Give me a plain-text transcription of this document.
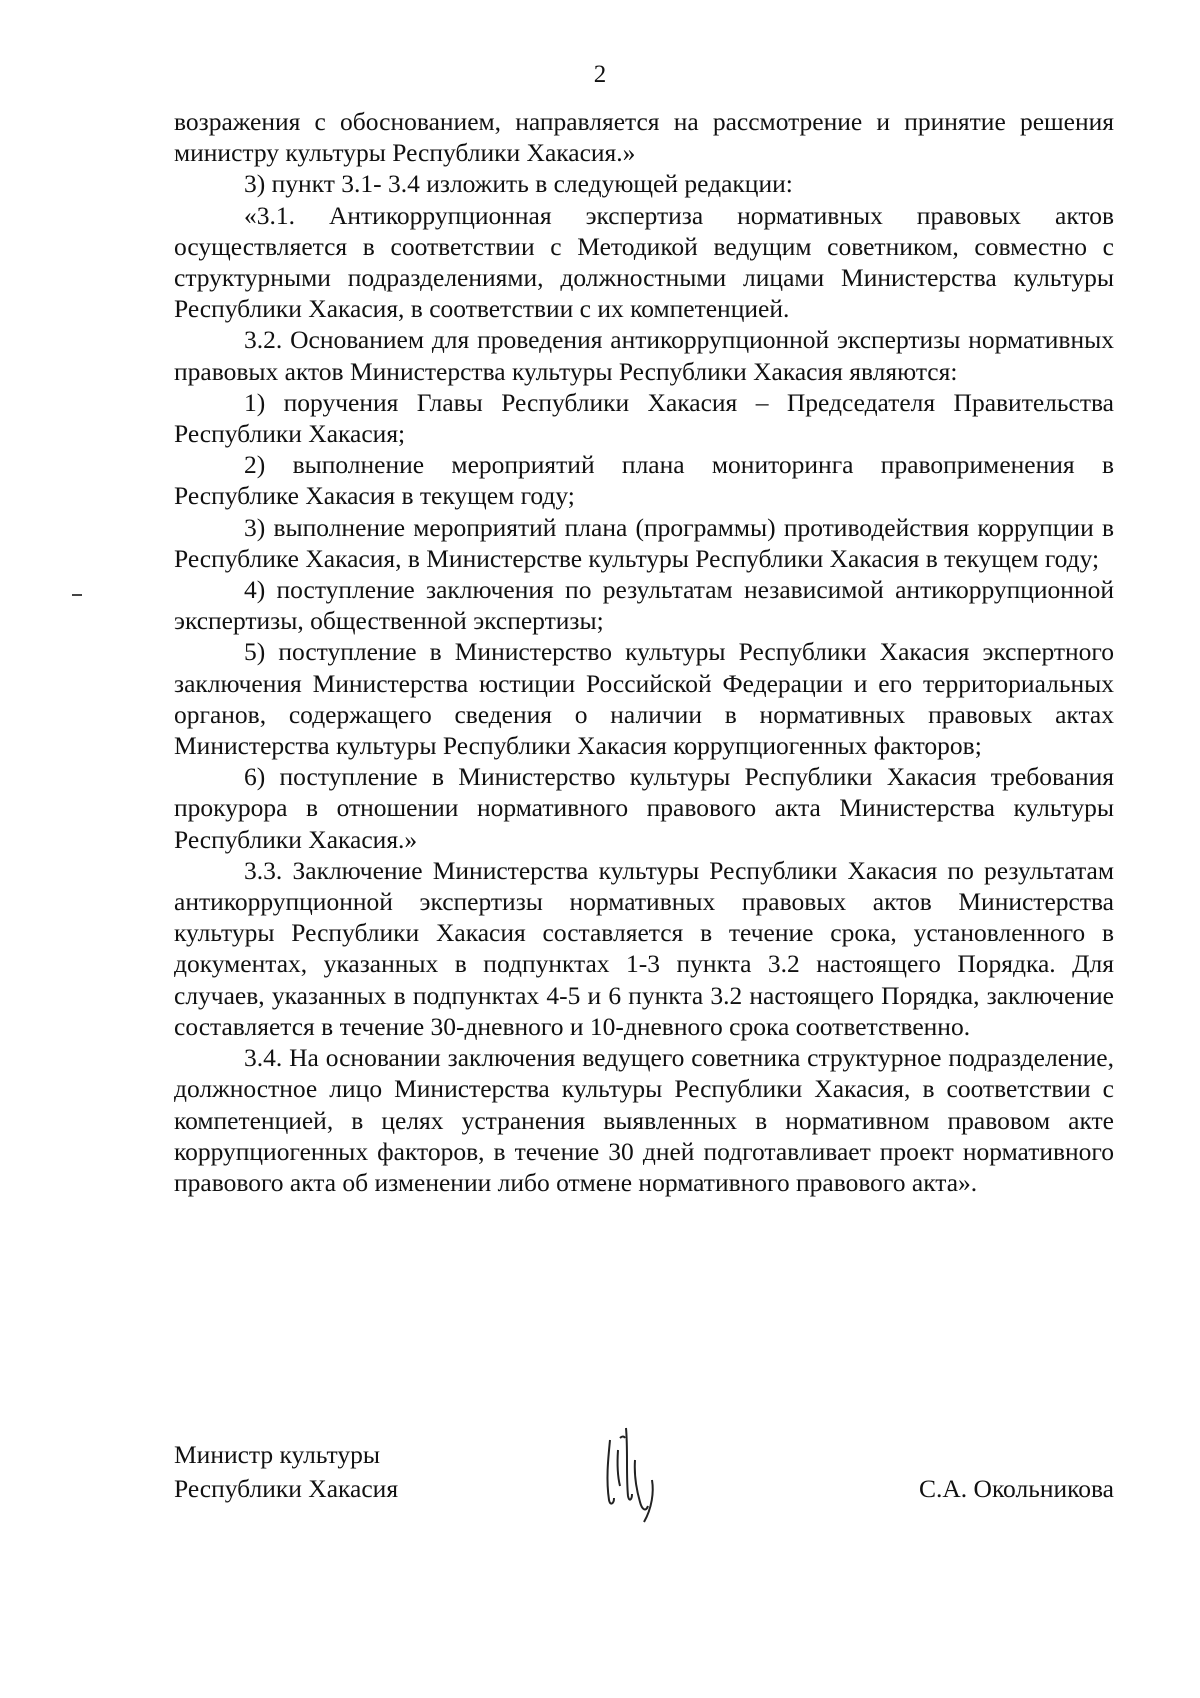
2

возражения с обоснованием, направляется на рассмотрение и принятие решения министру культуры Республики Хакасия.»

3) пункт 3.1- 3.4 изложить в следующей редакции:

«3.1. Антикоррупционная экспертиза нормативных правовых актов осуществляется в соответствии с Методикой ведущим советником, совместно с структурными подразделениями, должностными лицами Министерства культуры Республики Хакасия, в соответствии с их компетенцией.

3.2. Основанием для проведения антикоррупционной экспертизы нормативных правовых актов Министерства культуры Республики Хакасия являются:

1) поручения Главы Республики Хакасия – Председателя Правительства Республики Хакасия;

2) выполнение мероприятий плана мониторинга правоприменения в Республике Хакасия в текущем году;

3) выполнение мероприятий плана (программы) противодействия коррупции в Республике Хакасия, в Министерстве культуры Республики Хакасия в текущем году;

4) поступление заключения по результатам независимой антикоррупционной экспертизы, общественной экспертизы;

5) поступление в Министерство культуры Республики Хакасия экспертного заключения Министерства юстиции Российской Федерации и его территориальных органов, содержащего сведения о наличии в нормативных правовых актах Министерства культуры Республики Хакасия коррупциогенных факторов;

6) поступление в Министерство культуры Республики Хакасия требования прокурора в отношении нормативного правового акта Министерства культуры Республики Хакасия.»

3.3. Заключение Министерства культуры Республики Хакасия по результатам антикоррупционной экспертизы нормативных правовых актов Министерства культуры Республики Хакасия составляется в течение срока, установленного в документах, указанных в подпунктах 1-3 пункта 3.2 настоящего Порядка. Для случаев, указанных в подпунктах 4-5 и 6 пункта 3.2 настоящего Порядка, заключение составляется в течение 30-дневного и 10-дневного срока соответственно.

3.4. На основании заключения ведущего советника структурное подразделение, должностное лицо Министерства культуры Республики Хакасия, в соответствии с компетенцией, в целях устранения выявленных в нормативном правовом акте коррупциогенных факторов, в течение 30 дней подготавливает проект нормативного правового акта об изменении либо отмене нормативного правового акта».

Министр культуры
Республики Хакасия	С.А. Окольникова
